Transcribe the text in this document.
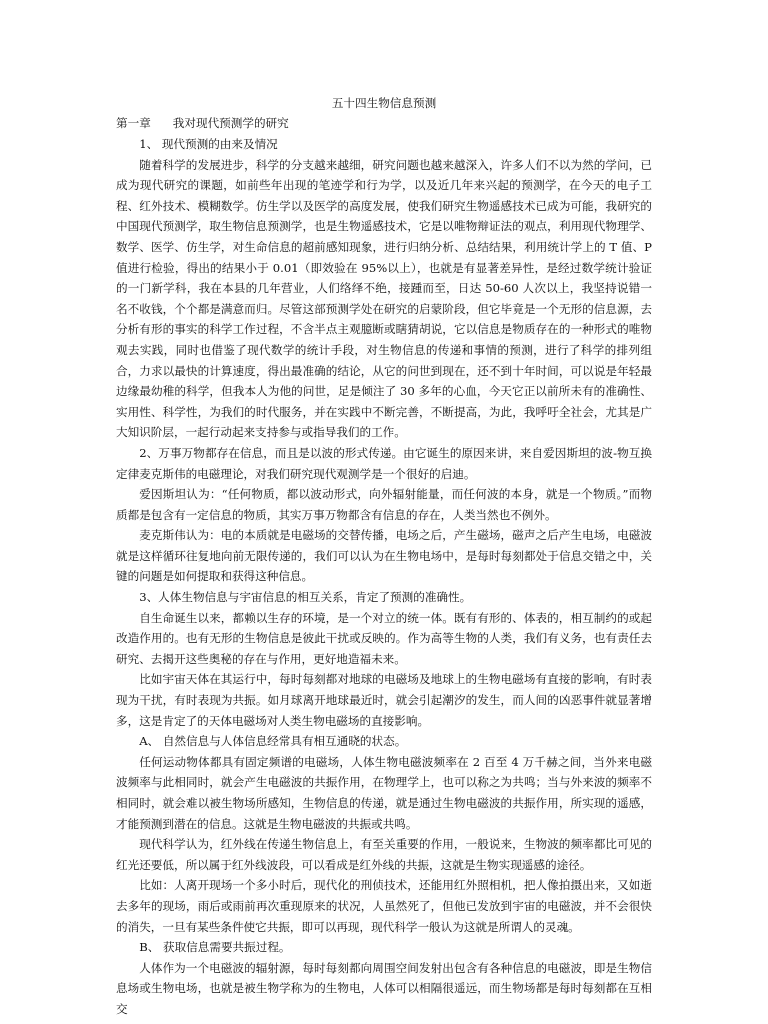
五十四生物信息预测
第一章 我对现代预测学的研究

1、 现代预测的由来及情况

随着科学的发展进步，科学的分支越来越细，研究问题也越来越深入，许多人们不以为然的学问，已成为现代研究的课题，如前些年出现的笔迹学和行为学，以及近几年来兴起的预测学，在今天的电子工程、红外技术、模糊数学。仿生学以及医学的高度发展，使我们研究生物遥感技术已成为可能，我研究的中国现代预测学，取生物信息预测学，也是生物遥感技术，它是以唯物辩证法的观点，利用现代物理学、数学、医学、仿生学，对生命信息的超前感知现象，进行归纳分析、总结结果，利用统计学上的 T 值、P 值进行检验，得出的结果小于 0.01（即效验在 95%以上），也就是有显著差异性，是经过数学统计验证的一门新学科，我在本县的几年营业，人们络绎不绝，接踵而至，日达 50-60 人次以上，我坚持说错一名不收钱，个个都是满意而归。尽管这部预测学处在研究的启蒙阶段，但它毕竟是一个无形的信息源，去分析有形的事实的科学工作过程，不含半点主观臆断或瞎猜胡说，它以信息是物质存在的一种形式的唯物观去实践，同时也借鉴了现代数学的统计手段，对生物信息的传递和事情的预测，进行了科学的排列组合，力求以最快的计算速度，得出最准确的结论，从它的问世到现在，还不到十年时间，可以说是年轻最边缘最幼稚的科学，但我本人为他的问世，足是倾注了 30 多年的心血，今天它正以前所未有的准确性、实用性、科学性，为我们的时代服务，并在实践中不断完善，不断提高，为此，我呼吁全社会，尤其是广大知识阶层，一起行动起来支持参与或指导我们的工作。

2、万事万物都存在信息，而且是以波的形式传递。由它诞生的原因来讲，来自爱因斯坦的波-物互换定律麦克斯伟的电磁理论，对我们研究现代观测学是一个很好的启迪。

爱因斯坦认为：“任何物质，都以波动形式，向外辐射能量，而任何波的本身，就是一个物质。”而物质都是包含有一定信息的物质，其实万事万物都含有信息的存在，人类当然也不例外。

麦克斯伟认为：电的本质就是电磁场的交替传播，电场之后，产生磁场，磁声之后产生电场，电磁波就是这样循环往复地向前无限传递的，我们可以认为在生物电场中，是每时每刻都处于信息交错之中，关键的问题是如何提取和获得这种信息。

3、人体生物信息与宇宙信息的相互关系，肯定了预测的准确性。

自生命诞生以来，都赖以生存的环境，是一个对立的统一体。既有有形的、体表的，相互制约的或起改造作用的。也有无形的生物信息是彼此干扰或反映的。作为高等生物的人类，我们有义务，也有责任去研究、去揭开这些奥秘的存在与作用，更好地造福未来。

比如宇宙天体在其运行中，每时每刻都对地球的电磁场及地球上的生物电磁场有直接的影响，有时表现为干扰，有时表现为共振。如月球离开地球最近时，就会引起潮汐的发生，而人间的凶恶事件就显著增多，这是肯定了的天体电磁场对人类生物电磁场的直接影响。

A、 自然信息与人体信息经常具有相互通晓的状态。

任何运动物体都具有固定频谱的电磁场，人体生物电磁波频率在 2 百至 4 万千赫之间，当外来电磁波频率与此相同时，就会产生电磁波的共振作用，在物理学上，也可以称之为共鸣；当与外来波的频率不相同时，就会难以被生物场所感知，生物信息的传递，就是通过生物电磁波的共振作用，所实现的遥感，才能预测到潜在的信息。这就是生物电磁波的共振或共鸣。

现代科学认为，红外线在传递生物信息上，有至关重要的作用，一般说来，生物波的频率都比可见的红光还要低，所以属于红外线波段，可以看成是红外线的共振，这就是生物实现遥感的途径。

比如：人离开现场一个多小时后，现代化的刑侦技术，还能用红外照相机，把人像拍摄出来，又如逝去多年的现场，雨后或雨前再次重现原来的状况，人虽然死了，但他已发放到宇宙的电磁波，并不会很快的消失，一旦有某些条件使它共振，即可以再现，现代科学一般认为这就是所谓人的灵魂。

B、 获取信息需要共振过程。

人体作为一个电磁波的辐射源，每时每刻都向周围空间发射出包含有各种信息的电磁波，即是生物信息场或生物电场，也就是被生物学称为的生物电，人体可以相隔很遥远，而生物场都是每时每刻都在互相交
